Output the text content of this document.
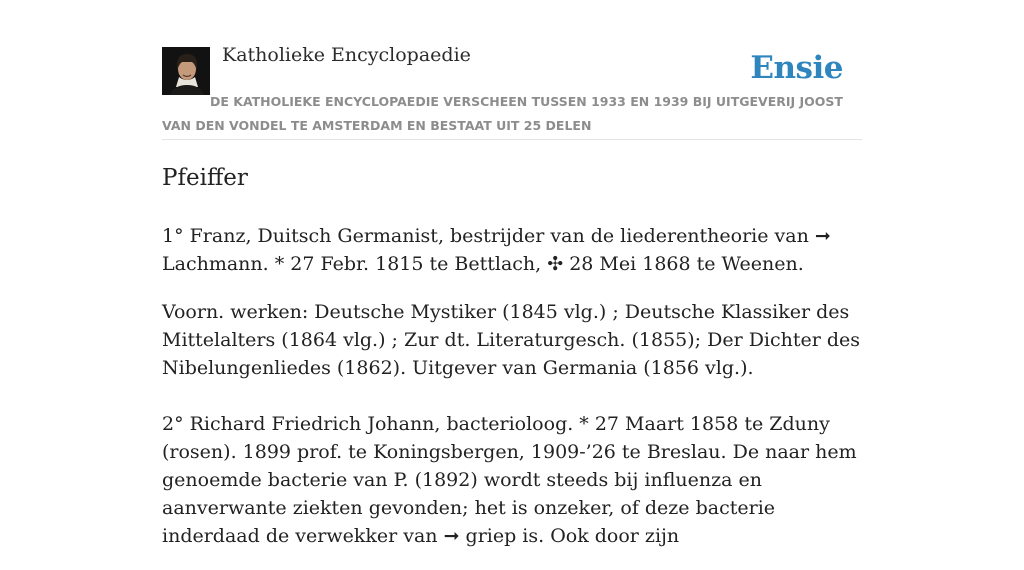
Katholieke Encyclopaedie	Ensie
DE KATHOLIEKE ENCYCLOPAEDIE VERSCHEEN TUSSEN 1933 EN 1939 BIJ UITGEVERIJ JOOST VAN DEN VONDEL TE AMSTERDAM EN BESTAAT UIT 25 DELEN
Pfeiffer

1° Franz, Duitsch Germanist, bestrijder van de liederentheorie van ➞ Lachmann. * 27 Febr. 1815 te Bettlach, ✣ 28 Mei 1868 te Weenen.

Voorn. werken: Deutsche Mystiker (1845 vlg.) ; Deutsche Klassiker des Mittelalters (1864 vlg.) ; Zur dt. Literaturgesch. (1855); Der Dichter des Nibelungenliedes (1862). Uitgever van Germania (1856 vlg.).

2° Richard Friedrich Johann, bacterioloog. * 27 Maart 1858 te Zduny (rosen). 1899 prof. te Koningsbergen, 1909-’26 te Breslau. De naar hem genoemde bacterie van P. (1892) wordt steeds bij influenza en aanverwante ziekten gevonden; het is onzeker, of deze bacterie inderdaad de verwekker van ➞ griep is. Ook door zijn
